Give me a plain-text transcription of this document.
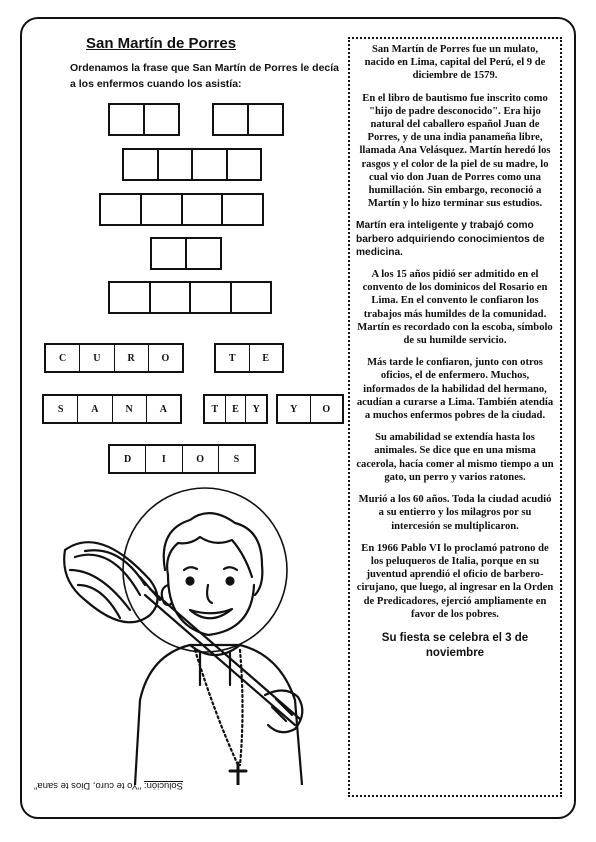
San Martín de Porres
Ordenamos la frase que San Martín de Porres le decía a los enfermos cuando los asistía:
C	U	R	O	T	E
S	A	N	A	T	E	Y	Y	O
D	I	O	S
Solución: "Yo te curo, Dios te sana"

San Martín de Porres fue un mulato, nacido en Lima, capital del Perú, el 9 de diciembre de 1579.

En el libro de bautismo fue inscrito como "hijo de padre desconocido". Era hijo natural del caballero español Juan de Porres, y de una india panameña libre, llamada Ana Velásquez. Martín heredó los rasgos y el color de la piel de su madre, lo cual vio don Juan de Porres como una humillación. Sin embargo, reconoció a Martín y lo hizo terminar sus estudios.

Martín era inteligente y trabajó como barbero adquiriendo conocimientos de medicina.

A los 15 años pidió ser admitido en el convento de los dominicos del Rosario en Lima. En el convento le confiaron los trabajos más humildes de la comunidad. Martín es recordado con la escoba, símbolo de su humilde servicio.

Más tarde le confiaron, junto con otros oficios, el de enfermero. Muchos, informados de la habilidad del hermano, acudían a curarse a Lima. También atendía a muchos enfermos pobres de la ciudad.

Su amabilidad se extendía hasta los animales. Se dice que en una misma cacerola, hacía comer al mismo tiempo a un gato, un perro y varios ratones.

Murió a los 60 años. Toda la ciudad acudió a su entierro y los milagros por su intercesión se multiplicaron.

En 1966 Pablo VI lo proclamó patrono de los peluqueros de Italia, porque en su juventud aprendió el oficio de barbero-cirujano, que luego, al ingresar en la Orden de Predicadores, ejerció ampliamente en favor de los pobres.

Su fiesta se celebra el 3 de noviembre
